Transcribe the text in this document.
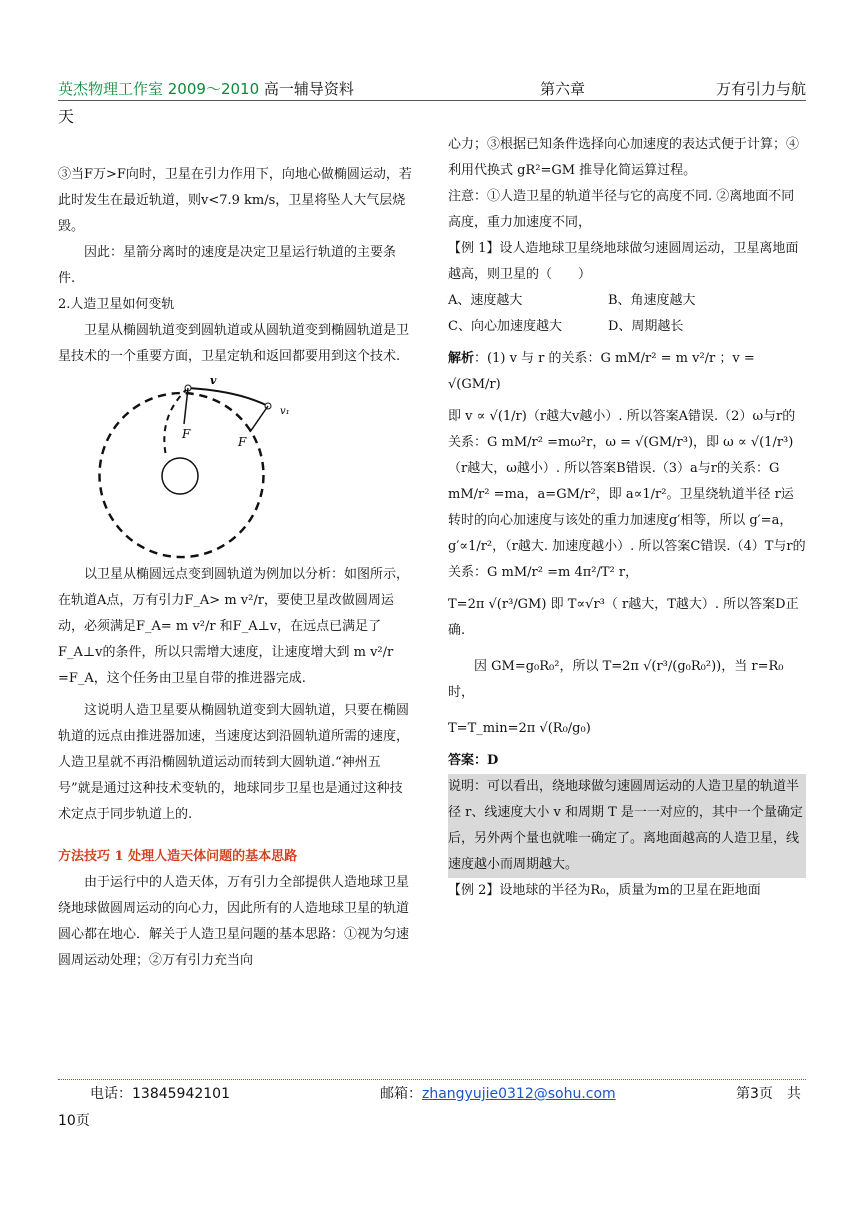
英杰物理工作室 2009～2010 高一辅导资料	第六章	万有引力与航
天

③当F万>F向时，卫星在引力作用下，向地心做椭圆运动，若此时发生在最近轨道，则v<7.9 km/s，卫星将坠人大气层烧毁。

因此：星箭分离时的速度是决定卫星运行轨道的主要条件.

2.人造卫星如何变轨

卫星从椭圆轨道变到圆轨道或从圆轨道变到椭圆轨道是卫星技术的一个重要方面，卫星定轨和返回都要用到这个技术.

v
v₁
F
F

以卫星从椭圆远点变到圆轨道为例加以分析：如图所示，在轨道A点，万有引力F_A> m v²/r，要使卫星改做圆周运动，必须满足F_A= m v²/r 和F_A⊥v，在远点已满足了F_A⊥v的条件，所以只需增大速度，让速度增大到 m v²/r =F_A，这个任务由卫星自带的推进器完成.

这说明人造卫星要从椭圆轨道变到大圆轨道，只要在椭圆轨道的远点由推进器加速，当速度达到沿圆轨道所需的速度，人造卫星就不再沿椭圆轨道运动而转到大圆轨道.“神州五号”就是通过这种技术变轨的，地球同步卫星也是通过这种技术定点于同步轨道上的.

方法技巧 1 处理人造天体问题的基本思路

由于运行中的人造天体，万有引力全部提供人造地球卫星绕地球做圆周运动的向心力，因此所有的人造地球卫星的轨道圆心都在地心．解关于人造卫星问题的基本思路：①视为匀速圆周运动处理；②万有引力充当向

心力；③根据已知条件选择向心加速度的表达式便于计算；④利用代换式 gR²=GM 推导化简运算过程。

注意：①人造卫星的轨道半径与它的高度不同. ②离地面不同高度，重力加速度不同，

【例 1】设人造地球卫星绕地球做匀速圆周运动，卫星离地面越高，则卫星的（　　）

A、速度越大	B、角速度越大
C、向心加速度越大	D、周期越长

解析：(1) v 与 r 的关系：G mM/r² = m v²/r ；v = √(GM/r)

即 v ∝ √(1/r)（r越大v越小）. 所以答案A错误.（2）ω与r的关系：G mM/r² =mω²r，ω = √(GM/r³)，即 ω ∝ √(1/r³)

（r越大，ω越小）. 所以答案B错误.（3）a与r的关系：G mM/r² =ma，a=GM/r²，即 a∝1/r²。卫星绕轨道半径 r运转时的向心加速度与该处的重力加速度g′相等，所以 g′=a， g′∝1/r²，（r越大. 加速度越小）. 所以答案C错误.（4）T与r的关系：G mM/r² =m 4π²/T² r，

T=2π √(r³/GM) 即 T∝√r³（ r越大，T越大）. 所以答案D正确.

因 GM=g₀R₀²，所以 T=2π √(r³/(g₀R₀²))，当 r=R₀ 时，

T=T_min=2π √(R₀/g₀)

答案：D

说明：可以看出，绕地球做匀速圆周运动的人造卫星的轨道半径 r、线速度大小 v 和周期 T 是一一对应的，其中一个量确定后，另外两个量也就唯一确定了。离地面越高的人造卫星，线速度越小而周期越大。

【例 2】设地球的半径为R₀，质量为m的卫星在距地面

电话：13845942101	邮箱：zhangyujie0312@sohu.com	第3页　共
10页
